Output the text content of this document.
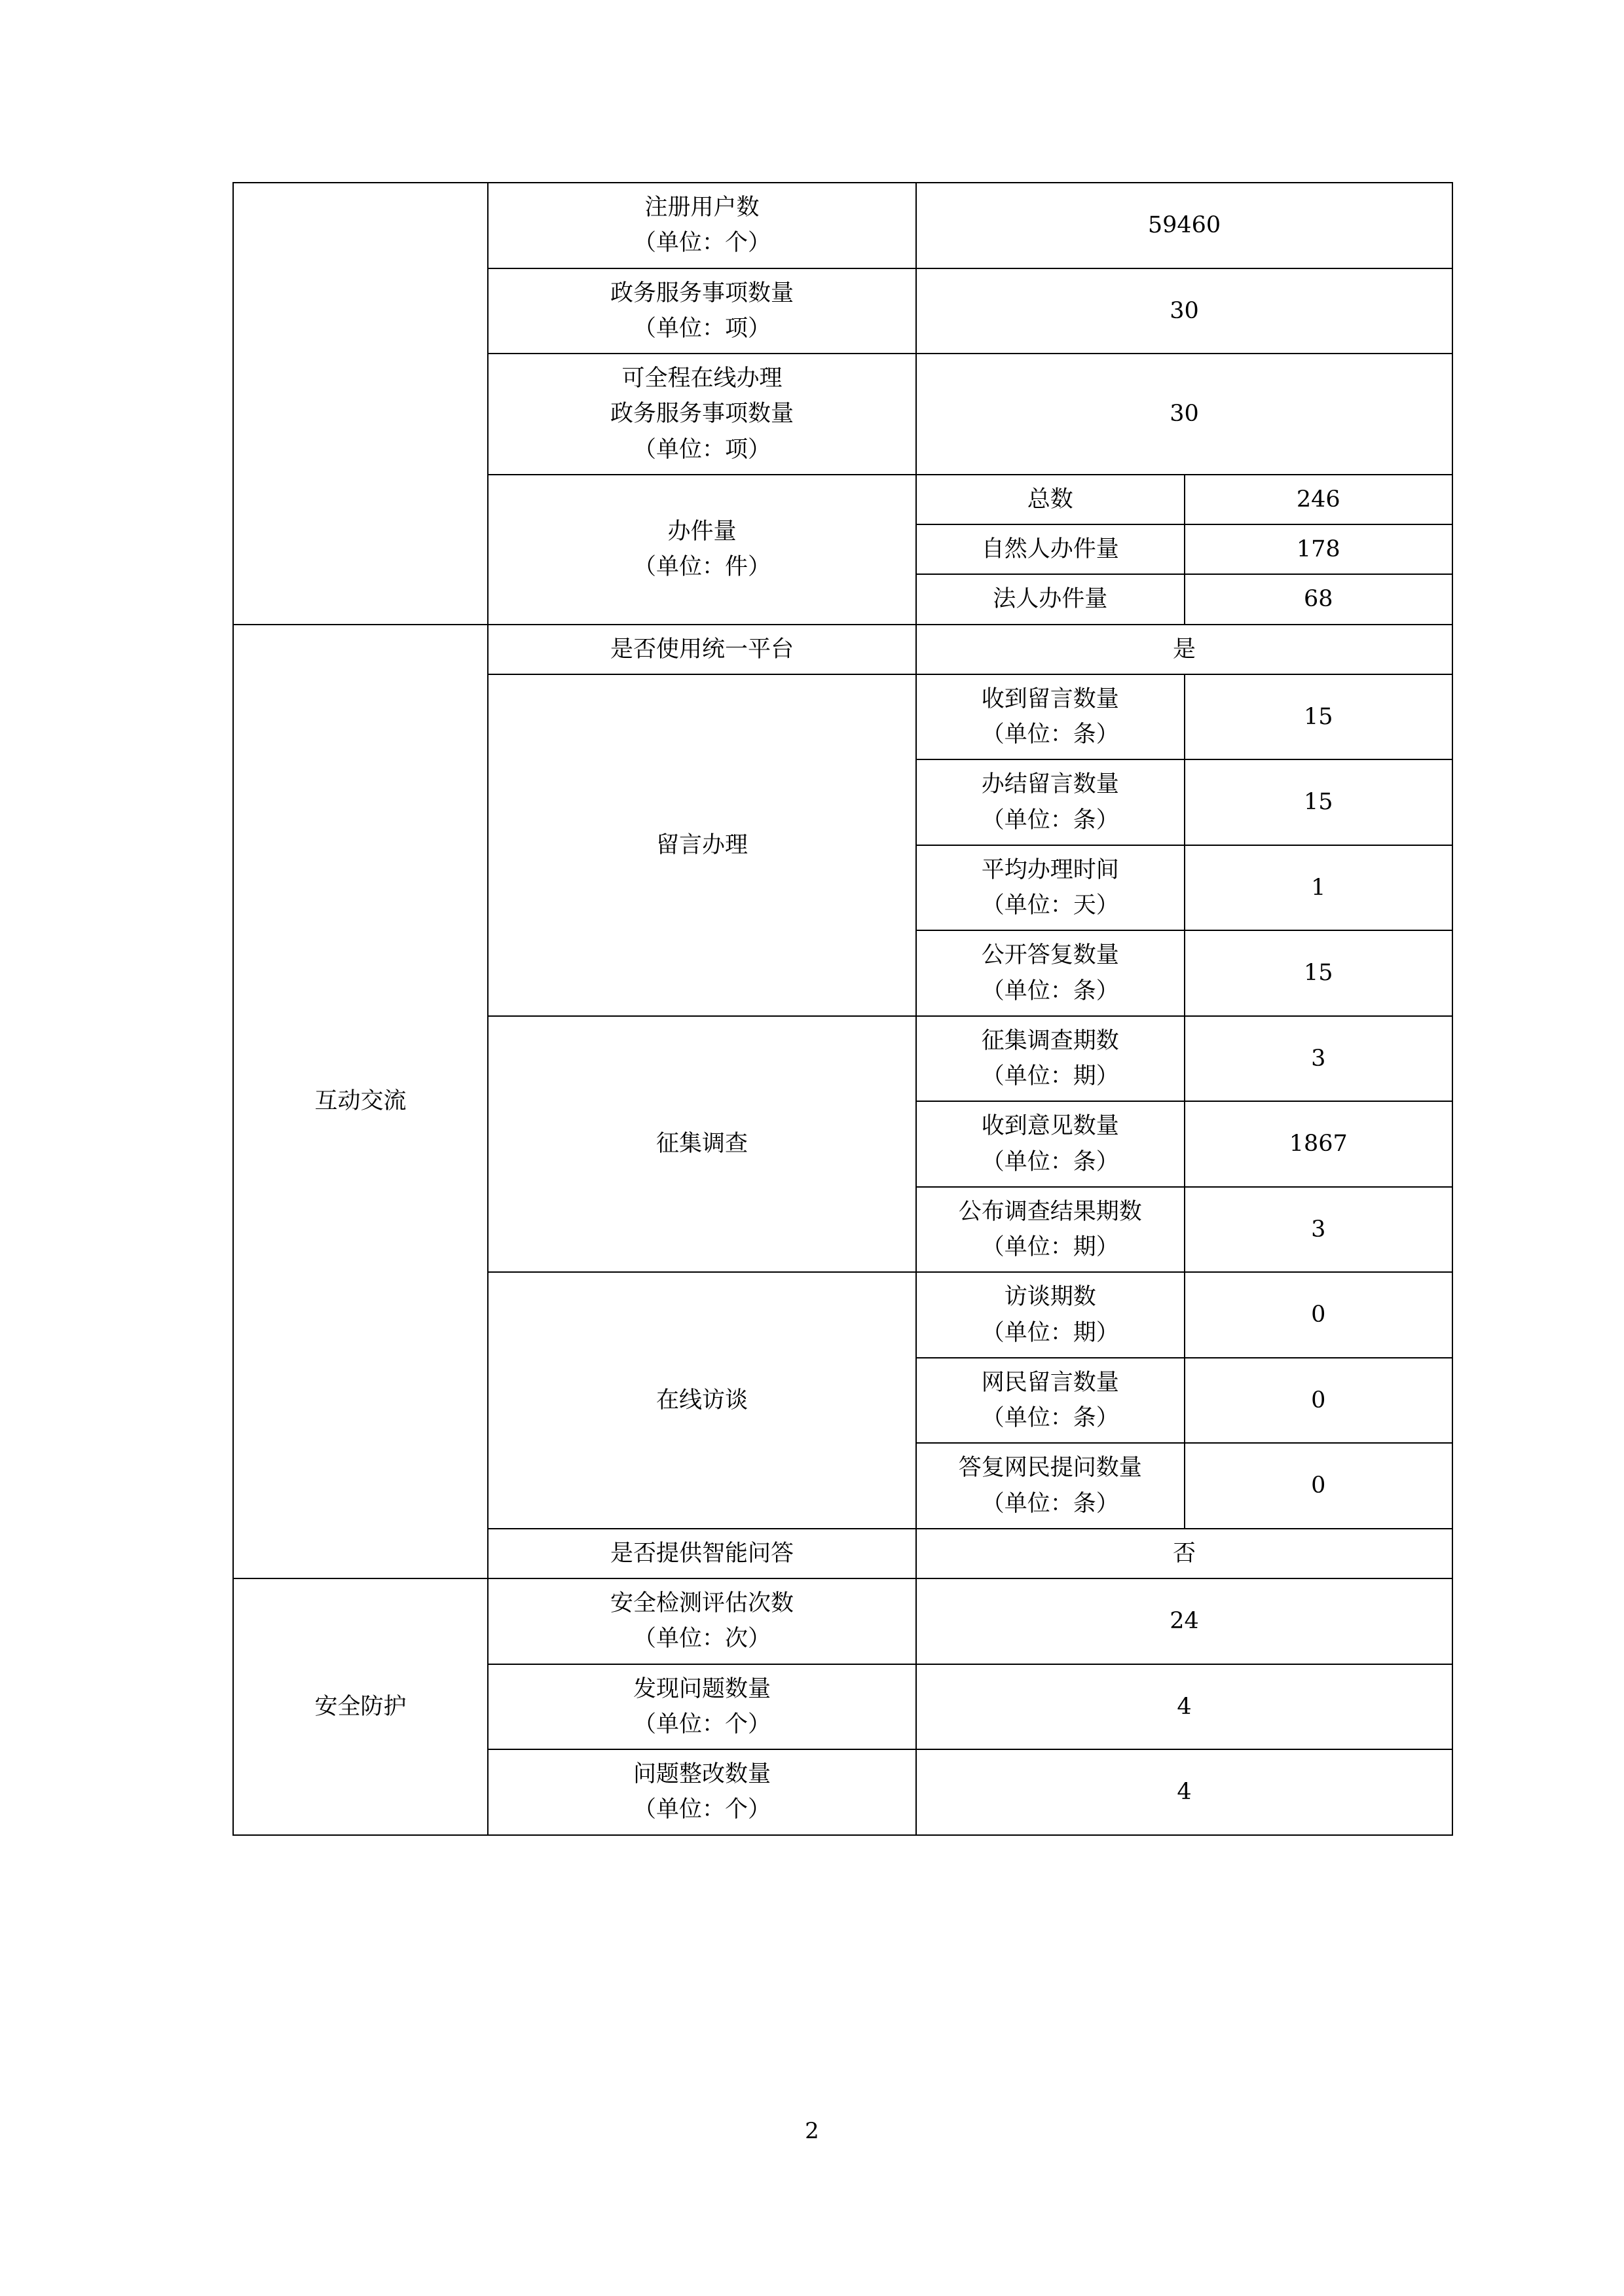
	注册用户数
（单位：个）	59460	

	政务服务事项数量
（单位：项）	30	

	可全程在线办理
政务服务事项数量
（单位：项）	30	

	办件量
（单位：件）	总数	246
		自然人办件量	178
		法人办件量	68
互动交流	是否使用统一平台	是	
	留言办理	收到留言数量
（单位：条）	15

		办结留言数量
（单位：条）	15

		平均办理时间
（单位：天）	1

		公开答复数量
（单位：条）	15
	征集调查	征集调查期数
（单位：期）	3

		收到意见数量
（单位：条）	1867

		公布调查结果期数
（单位：期）	3
	在线访谈	访谈期数
（单位：期）	0

		网民留言数量
（单位：条）	0

		答复网民提问数量
（单位：条）	0
	是否提供智能问答	否	
安全防护	安全检测评估次数
（单位：次）	24	

	发现问题数量
（单位：个）	4	

	问题整改数量
（单位：个）	4	
2
